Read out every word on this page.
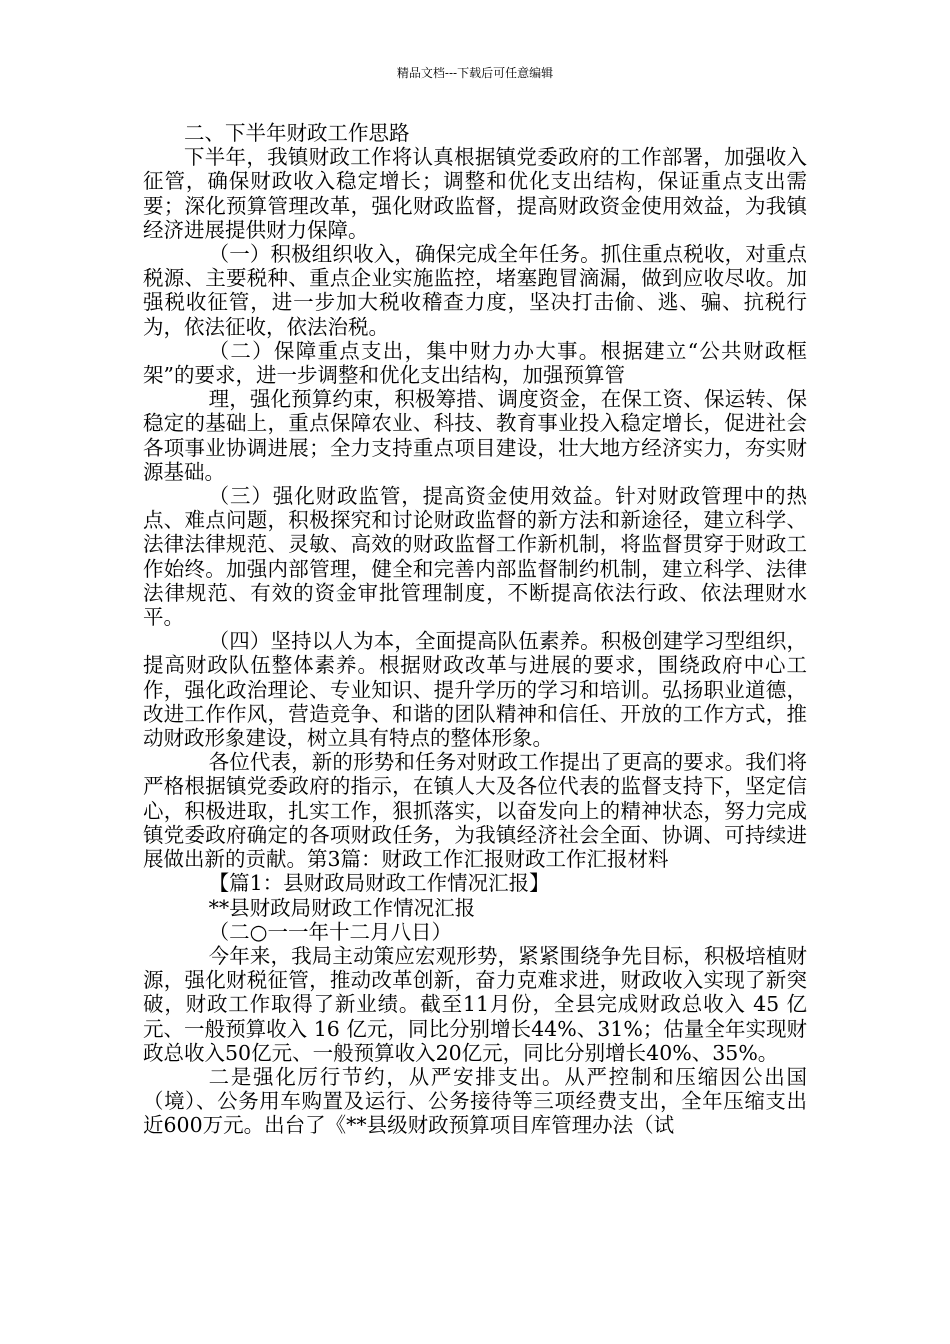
精品文档---下载后可任意编辑

二、下半年财政工作思路

下半年，我镇财政工作将认真根据镇党委政府的工作部署，加强收入征管，确保财政收入稳定增长；调整和优化支出结构，保证重点支出需要；深化预算管理改革，强化财政监督，提高财政资金使用效益，为我镇经济进展提供财力保障。

（一）积极组织收入，确保完成全年任务。抓住重点税收，对重点税源、主要税种、重点企业实施监控，堵塞跑冒滴漏，做到应收尽收。加强税收征管，进一步加大税收稽查力度，坚决打击偷、逃、骗、抗税行为，依法征收，依法治税。

（二）保障重点支出，集中财力办大事。根据建立“公共财政框架”的要求，进一步调整和优化支出结构，加强预算管

理，强化预算约束，积极筹措、调度资金，在保工资、保运转、保稳定的基础上，重点保障农业、科技、教育事业投入稳定增长，促进社会各项事业协调进展；全力支持重点项目建设，壮大地方经济实力，夯实财源基础。

（三）强化财政监管，提高资金使用效益。针对财政管理中的热点、难点问题，积极探究和讨论财政监督的新方法和新途径，建立科学、法律法律规范、灵敏、高效的财政监督工作新机制，将监督贯穿于财政工作始终。加强内部管理，健全和完善内部监督制约机制，建立科学、法律法律规范、有效的资金审批管理制度，不断提高依法行政、依法理财水平。

（四）坚持以人为本，全面提高队伍素养。积极创建学习型组织，提高财政队伍整体素养。根据财政改革与进展的要求，围绕政府中心工作，强化政治理论、专业知识、提升学历的学习和培训。弘扬职业道德，改进工作作风，营造竞争、和谐的团队精神和信任、开放的工作方式，推动财政形象建设，树立具有特点的整体形象。

各位代表，新的形势和任务对财政工作提出了更高的要求。我们将严格根据镇党委政府的指示，在镇人大及各位代表的监督支持下，坚定信心，积极进取，扎实工作，狠抓落实，以奋发向上的精神状态，努力完成镇党委政府确定的各项财政任务，为我镇经济社会全面、协调、可持续进展做出新的贡献。第3篇：财政工作汇报财政工作汇报材料

【篇1：县财政局财政工作情况汇报】

**县财政局财政工作情况汇报

（二○一一年十二月八日）

今年来，我局主动策应宏观形势，紧紧围绕争先目标，积极培植财源，强化财税征管，推动改革创新，奋力克难求进，财政收入实现了新突破，财政工作取得了新业绩。截至11月份，全县完成财政总收入 45 亿元、一般预算收入 16 亿元，同比分别增长44%、31%；估量全年实现财政总收入50亿元、一般预算收入20亿元，同比分别增长40%、35%。

二是强化厉行节约，从严安排支出。从严控制和压缩因公出国（境）、公务用车购置及运行、公务接待等三项经费支出，全年压缩支出近600万元。出台了《**县级财政预算项目库管理办法（试
